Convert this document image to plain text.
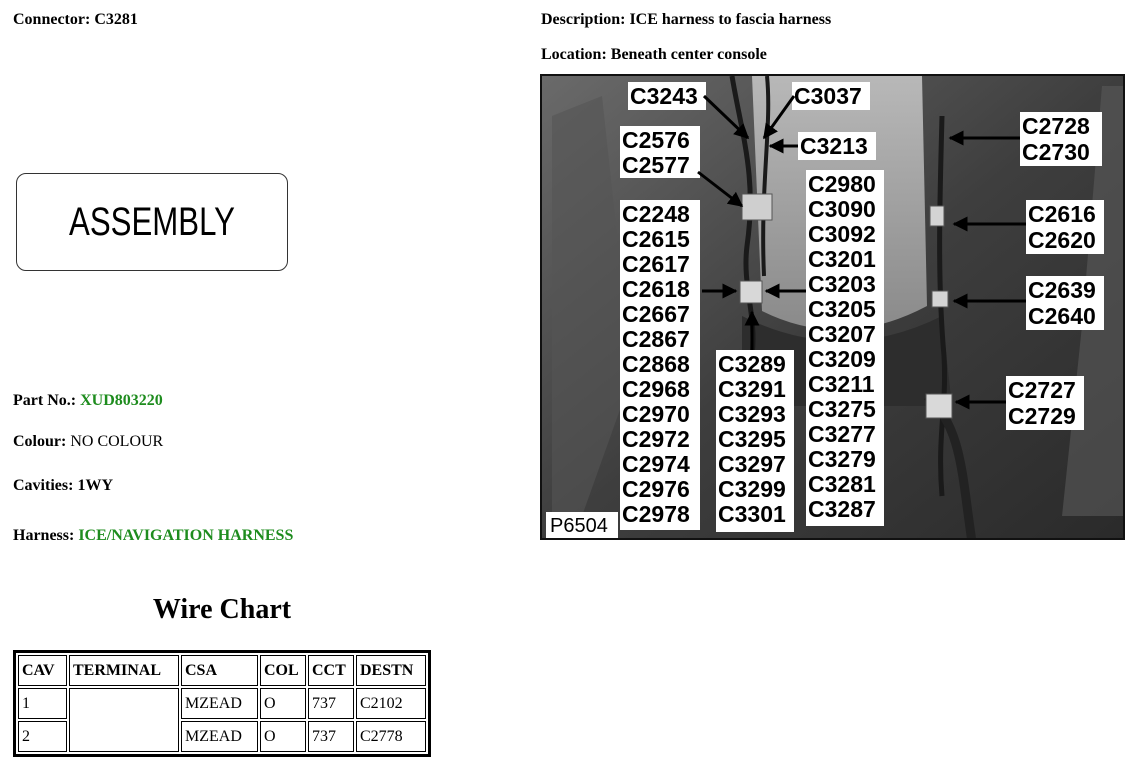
Connector: C3281	Description: ICE harness to fascia harness
Location: Beneath center console
ASSEMBLY
Part No.: XUD803220
Colour: NO COLOUR
Cavities: 1WY
Harness: ICE/NAVIGATION HARNESS
Wire Chart
CAV	TERMINAL	CSA	COL	CCT	DESTN
1		MZEAD	O	737	C2102
2		MZEAD	O	737	C2778
C3243	C3037
C3213
C2576
C2577
C2248
C2615
C2617
C2618
C2667
C2867
C2868
C2968
C2970
C2972
C2974
C2976
C2978
C3289
C3291
C3293
C3295
C3297
C3299
C3301
C2980
C3090
C3092
C3201
C3203
C3205
C3207
C3209
C3211
C3275
C3277
C3279
C3281
C3287
C2728
C2730
C2616
C2620
C2639
C2640
C2727
C2729
P6504
